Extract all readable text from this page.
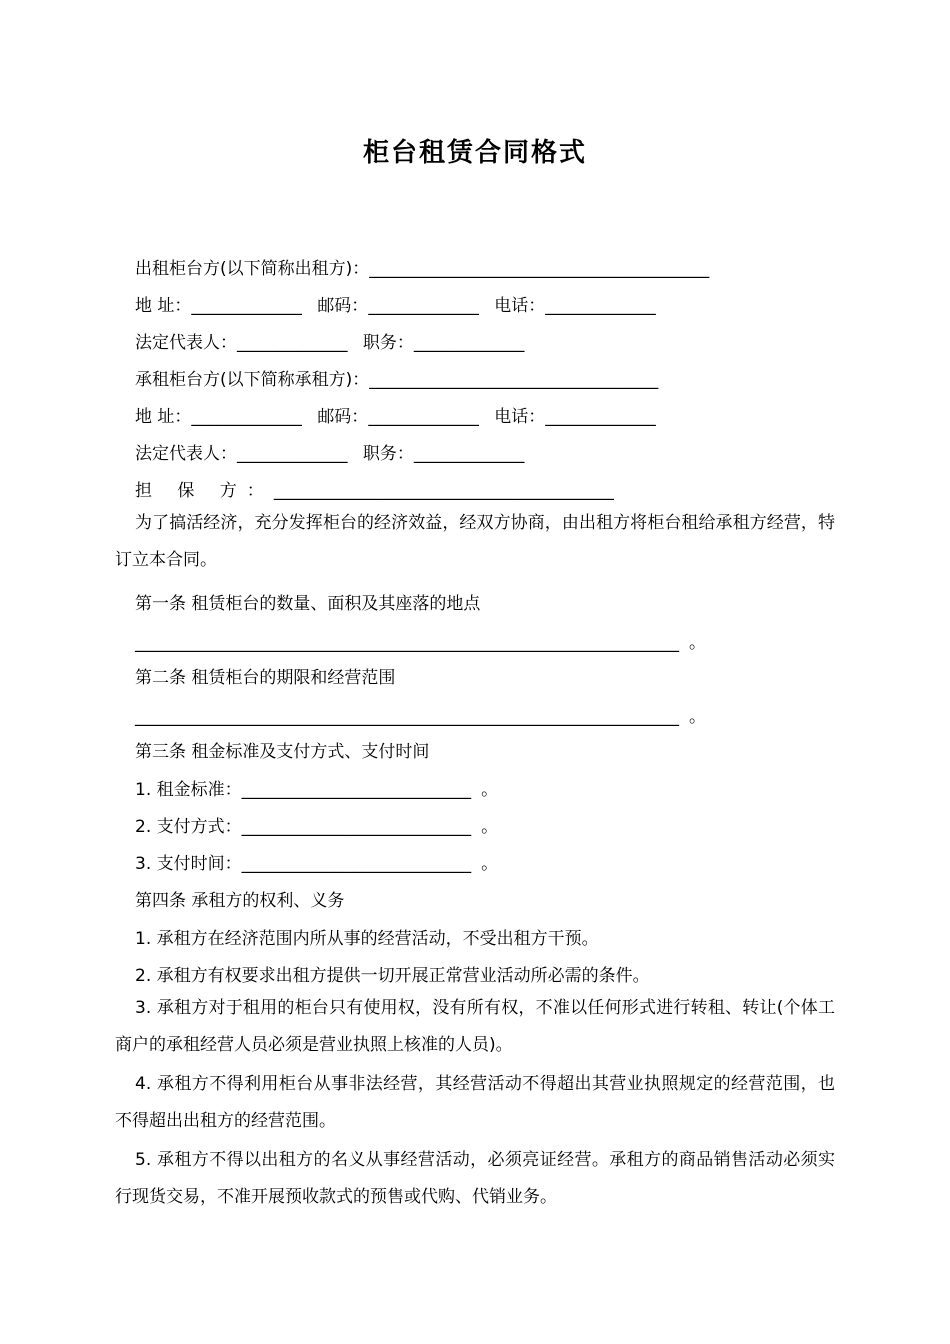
柜台租赁合同格式
出租柜台方(以下简称出租方)：________________________________________
地 址：_____________ 邮码：_____________ 电话：_____________
法定代表人：_____________ 职务：_____________
承租柜台方(以下简称承租方)：__________________________________
地 址：_____________ 邮码：_____________ 电话：_____________
法定代表人：_____________ 职务：_____________
担 保 方：________________________________________
为了搞活经济，充分发挥柜台的经济效益，经双方协商，由出租方将柜台租给承租方经营，特订立本合同。
第一条 租赁柜台的数量、面积及其座落的地点
________________________________________________________________ 。
第二条 租赁柜台的期限和经营范围
________________________________________________________________ 。
第三条 租金标准及支付方式、支付时间
1. 租金标准：___________________________ 。
2. 支付方式：___________________________ 。
3. 支付时间：___________________________ 。
第四条 承租方的权利、义务
1. 承租方在经济范围内所从事的经营活动，不受出租方干预。
2. 承租方有权要求出租方提供一切开展正常营业活动所必需的条件。
3. 承租方对于租用的柜台只有使用权，没有所有权，不准以任何形式进行转租、转让(个体工商户的承租经营人员必须是营业执照上核准的人员)。
4. 承租方不得利用柜台从事非法经营，其经营活动不得超出其营业执照规定的经营范围，也不得超出出租方的经营范围。
5. 承租方不得以出租方的名义从事经营活动，必须亮证经营。承租方的商品销售活动必须实行现货交易，不准开展预收款式的预售或代购、代销业务。
